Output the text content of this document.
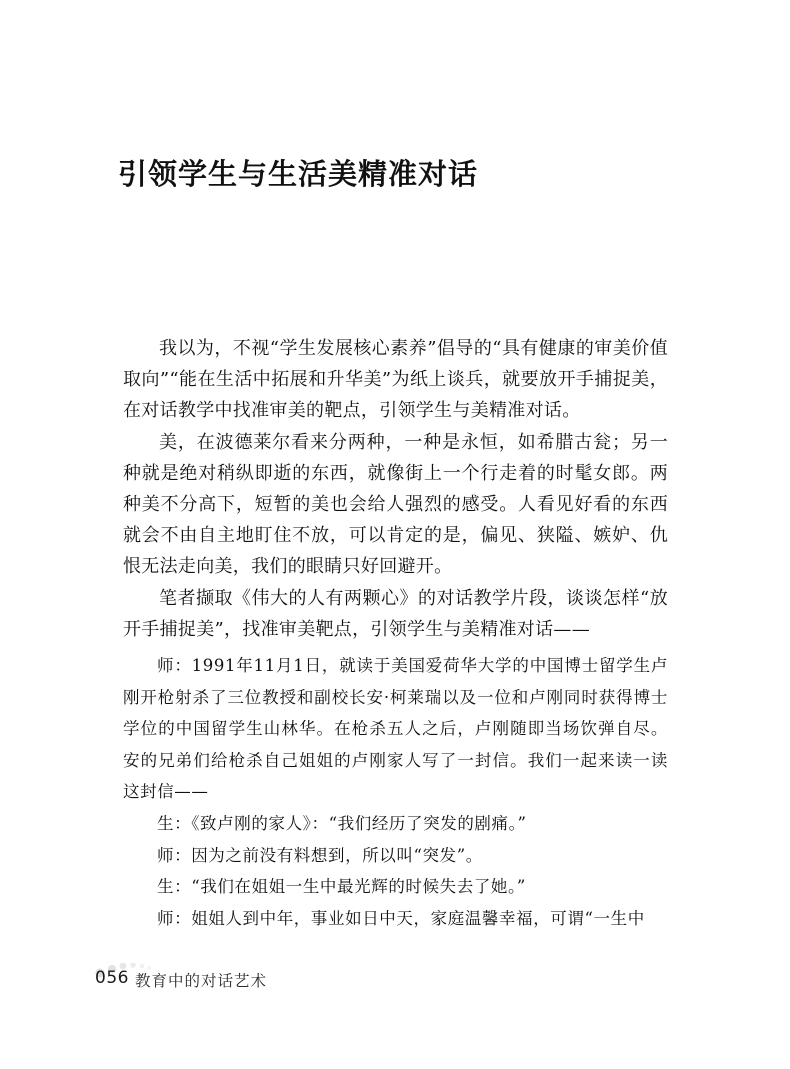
引领学生与生活美精准对话

我以为，不视“学生发展核心素养”倡导的“具有健康的审美价值取向”“能在生活中拓展和升华美”为纸上谈兵，就要放开手捕捉美，在对话教学中找准审美的靶点，引领学生与美精准对话。

美，在波德莱尔看来分两种，一种是永恒，如希腊古瓮；另一种就是绝对稍纵即逝的东西，就像街上一个行走着的时髦女郎。两种美不分高下，短暂的美也会给人强烈的感受。人看见好看的东西就会不由自主地盯住不放，可以肯定的是，偏见、狭隘、嫉妒、仇恨无法走向美，我们的眼睛只好回避开。

笔者撷取《伟大的人有两颗心》的对话教学片段，谈谈怎样“放开手捕捉美”，找准审美靶点，引领学生与美精准对话——

师：1991年11月1日，就读于美国爱荷华大学的中国博士留学生卢刚开枪射杀了三位教授和副校长安·柯莱瑞以及一位和卢刚同时获得博士学位的中国留学生山林华。在枪杀五人之后，卢刚随即当场饮弹自尽。安的兄弟们给枪杀自己姐姐的卢刚家人写了一封信。我们一起来读一读这封信——

生：《致卢刚的家人》：“我们经历了突发的剧痛。”

师：因为之前没有料想到，所以叫“突发”。

生：“我们在姐姐一生中最光辉的时候失去了她。”

师：姐姐人到中年，事业如日中天，家庭温馨幸福，可谓“一生中

056 教育中的对话艺术
